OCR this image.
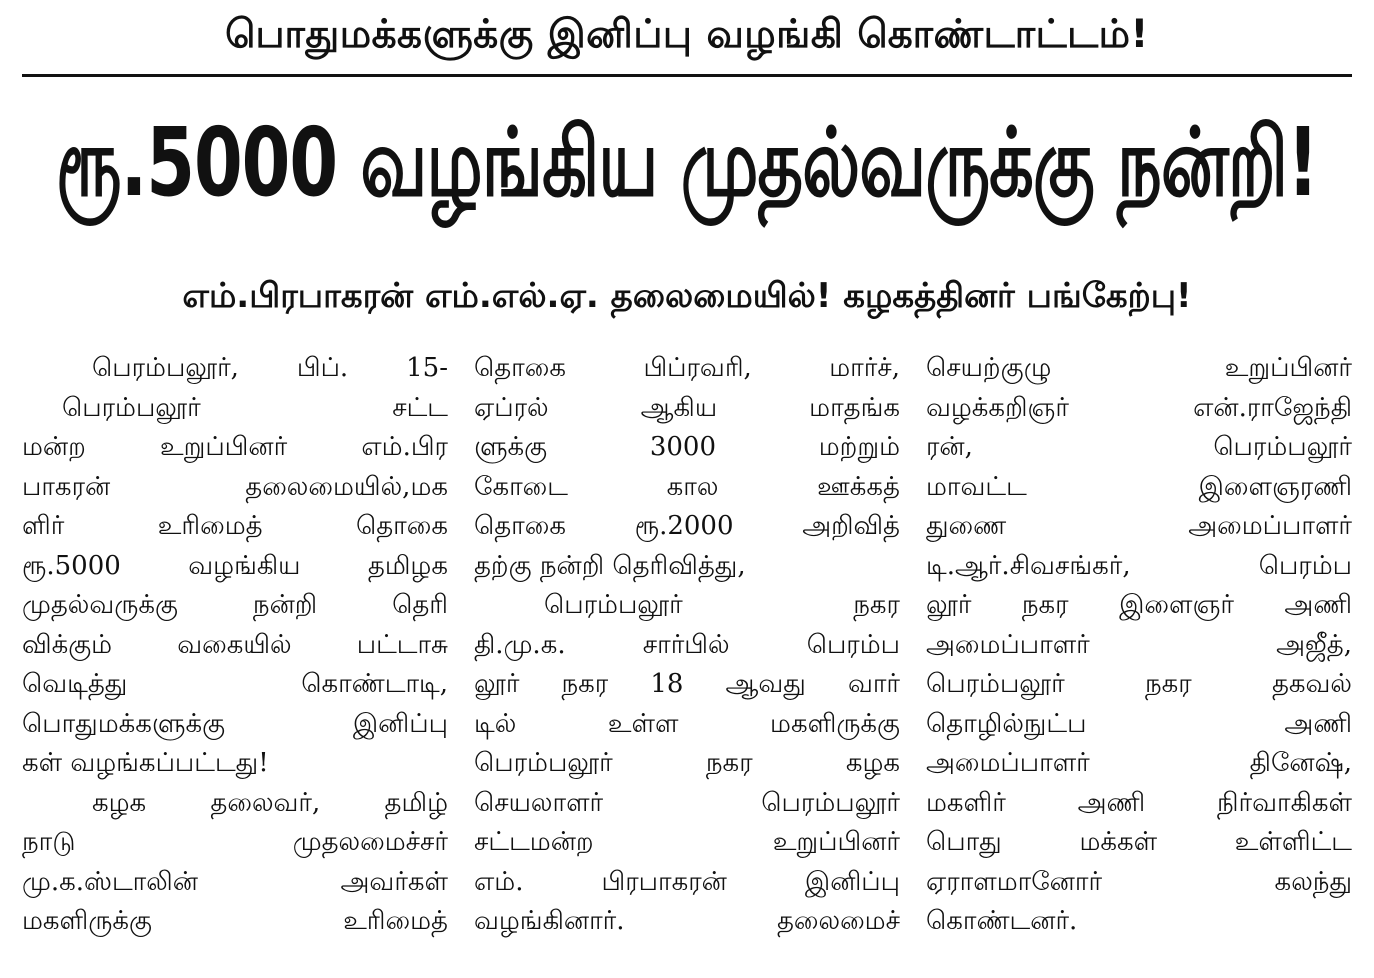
பொதுமக்களுக்கு இனிப்பு வழங்கி கொண்டாட்டம்!
ரூ.5000 வழங்கிய முதல்வருக்கு நன்றி!
எம்.பிரபாகரன் எம்.எல்.ஏ. தலைமையில்! கழகத்தினர் பங்கேற்பு!
பெரம்பலூர், பிப். 15-
பெரம்பலூர் சட்ட
மன்ற உறுப்பினர் எம்.பிர
பாகரன் தலைமையில்,மக
ளிர் உரிமைத் தொகை
ரூ.5000 வழங்கிய தமிழக
முதல்வருக்கு நன்றி தெரி
விக்கும் வகையில் பட்டாசு
வெடித்து கொண்டாடி,
பொதுமக்களுக்கு இனிப்பு
கள் வழங்கப்பட்டது!
கழக தலைவர், தமிழ்
நாடு முதலமைச்சர்
மு.க.ஸ்டாலின் அவர்கள்
மகளிருக்கு உரிமைத்
தொகை பிப்ரவரி, மார்ச்,
ஏப்ரல் ஆகிய மாதங்க
ளுக்கு 3000 மற்றும்
கோடை கால ஊக்கத்
தொகை ரூ.2000 அறிவித்
தற்கு நன்றி தெரிவித்து,
பெரம்பலூர் நகர
தி.மு.க. சார்பில் பெரம்ப
லூர் நகர 18 ஆவது வார்
டில் உள்ள மகளிருக்கு
பெரம்பலூர் நகர கழக
செயலாளர் பெரம்பலூர்
சட்டமன்ற உறுப்பினர்
எம். பிரபாகரன் இனிப்பு
வழங்கினார். தலைமைச்
செயற்குழு உறுப்பினர்
வழக்கறிஞர் என்.ராஜேந்தி
ரன், பெரம்பலூர்
மாவட்ட இளைஞரணி
துணை அமைப்பாளர்
டி.ஆர்.சிவசங்கர், பெரம்ப
லூர் நகர இளைஞர் அணி
அமைப்பாளர் அஜீத்,
பெரம்பலூர் நகர தகவல்
தொழில்நுட்ப அணி
அமைப்பாளர் தினேஷ்,
மகளிர் அணி நிர்வாகிகள்
பொது மக்கள் உள்ளிட்ட
ஏராளமானோர் கலந்து
கொண்டனர்.
